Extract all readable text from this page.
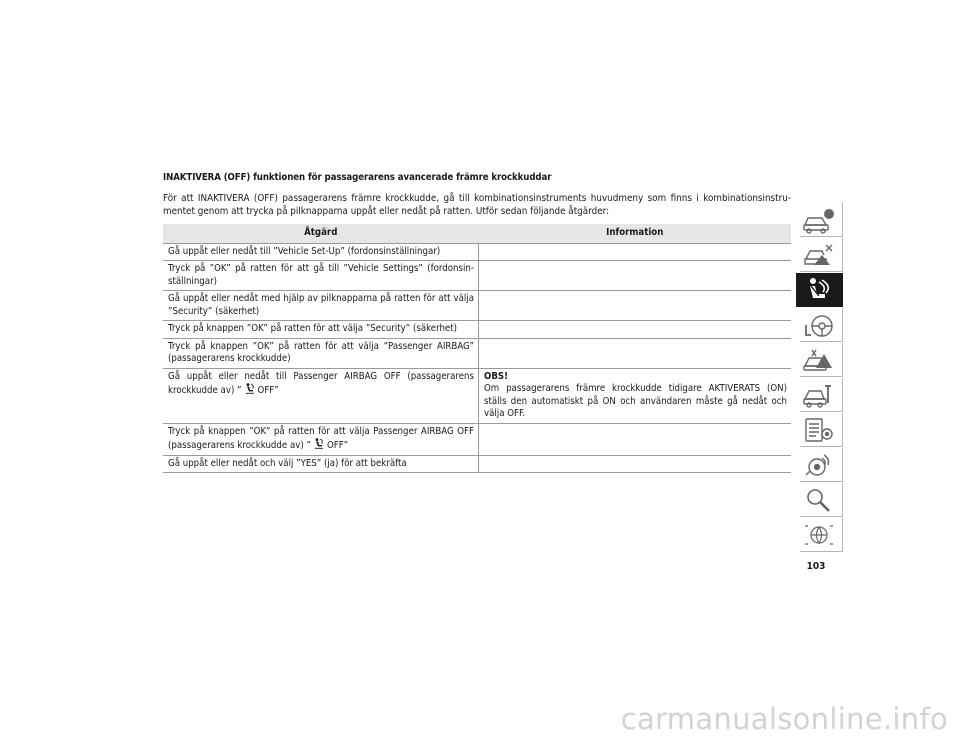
INAKTIVERA (OFF) funktionen för passagerarens avancerade främre krockkuddar
För att INAKTIVERA (OFF) passagerarens främre krockkudde, gå till kombinationsinstruments huvudmeny som finns i kombinationsinstru-mentet genom att trycka på pilknapparna uppåt eller nedåt på ratten. Utför sedan följande åtgärder:
Åtgärd	Information
Gå uppåt eller nedåt till ”Vehicle Set-Up” (fordonsinställningar)	
Tryck på ”OK” på ratten för att gå till ”Vehicle Settings” (fordonsin-ställningar)	
Gå uppåt eller nedåt med hjälp av pilknapparna på ratten för att välja ”Security” (säkerhet)	
Tryck på knappen ”OK” på ratten för att välja ”Security” (säkerhet)	
Tryck på knappen ”OK” på ratten för att välja ”Passenger AIRBAG” (passagerarens krockkudde)	
Gå uppåt eller nedåt till Passenger AIRBAG OFF (passagerarens krockkudde av) ” OFF”	OBS!
Om passagerarens främre krockkudde tidigare AKTIVERATS (ON) ställs den automatiskt på ON och användaren måste gå nedåt och välja OFF.
Tryck på knappen ”OK” på ratten för att välja Passenger AIRBAG OFF (passagerarens krockkudde av) ” OFF”	
Gå uppåt eller nedåt och välj ”YES” (ja) för att bekräfta	
103
carmanualsonline.info
